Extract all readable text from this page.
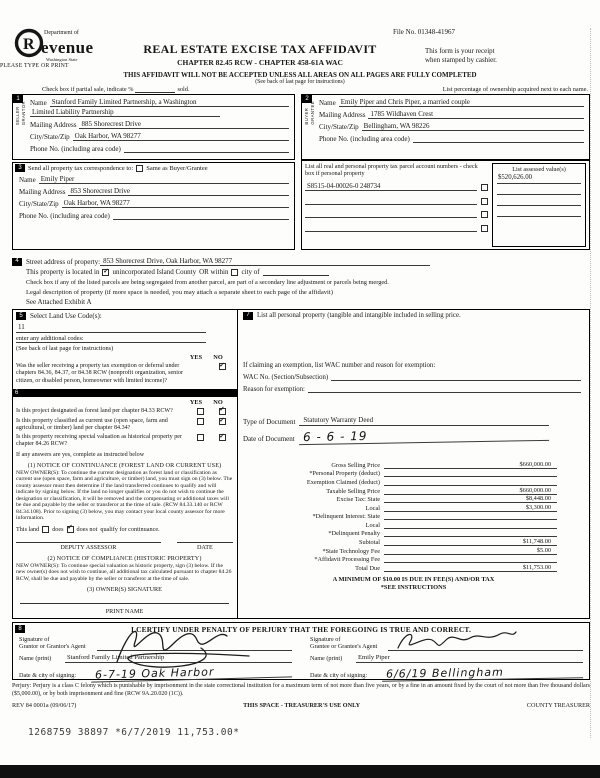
File No. 01348-41967
Department of
R evenue
Washington State
REAL ESTATE EXCISE TAX AFFIDAVIT
CHAPTER 82.45 RCW - CHAPTER 458-61A WAC
This form is your receipt
when stamped by cashier.
PLEASE TYPE OR PRINT
THIS AFFIDAVIT WILL NOT BE ACCEPTED UNLESS ALL AREAS ON ALL PAGES ARE FULLY COMPLETED
(See back of last page for instructions)
Check box if partial sale, indicate %	sold.	List percentage of ownership acquired next to each name.
1
SELLER GRANTOR Name Stanford Family Limited Partnership, a Washington
Limited Liability Partnership
Mailing Address 885 Shorecrest Drive
City/State/Zip Oak Harbor, WA 98277
Phone No. (including area code)
2
BUYER GRANTEE Name Emily Piper and Chris Piper, a married couple
Mailing Address 1785 Wildhaven Crest
City/State/Zip Bellingham, WA 98226
Phone No. (including area code)
3 Send all property tax correspondence to: Same as Buyer/Grantee
Name Emily Piper
Mailing Address 853 Shorecrest Drive
City/State/Zip Oak Harbor, WA 98277
Phone No. (including area code)
List all real and personal property tax parcel account numbers - check box if personal property
S8515-04-00026-0 248734
List assessed value(s)
$520,626.00
4	Street address of property: 853 Shorecrest Drive, Oak Harbor, WA 98277
This property is located in ✓ unincorporated Island County OR within city of
Check box if any of the listed parcels are being segregated from another parcel, are part of a secondary line adjustment or parcels being merged.
Legal description of property (if more space is needed, you may attach a separate sheet to each page of the affidavit)
See Attached Exhibit A
5	Select Land Use Code(s):
11
enter any additional codes:
(See back of last page for instructions)
YES	NO
Was the seller receiving a property tax exemption or deferral under chapters 84.36, 84.37, or 84.38 RCW (nonprofit organization, senior citizen, or disabled person, homeowner with limited income)?
✓
6
YES	NO
Is this project designated as forest land per chapter 84.33 RCW?	✓
Is this property classified as current use (open space, farm and agricultural, or timber) land per chapter 84.34?
✓
Is this property receiving special valuation as historical property per chapter 84.26 RCW?
✓
If any answers are yes, complete as instructed below
(1) NOTICE OF CONTINUANCE (FOREST LAND OR CURRENT USE)
NEW OWNER(S): To continue the current designation as forest land or classification as current use (open space, farm and agriculture, or timber) land, you must sign on (3) below. The county assessor must then determine if the land transferred continues to qualify and will indicate by signing below. If the land no longer qualifies or you do not wish to continue the designation or classification, it will be removed and the compensating or additional taxes will be due and payable by the seller or transferor at the time of sale. (RCW 84.33.140 or RCW 84.34.108). Prior to signing (3) below, you may contact your local county assessor for more information.
This land does ✓ does not qualify for continuance.
DEPUTY ASSESSOR	DATE
(2) NOTICE OF COMPLIANCE (HISTORIC PROPERTY)
NEW OWNER(S): To continue special valuation as historic property, sign (3) below. If the new owner(s) does not wish to continue, all additional tax calculated pursuant to chapter 84.26 RCW, shall be due and payable by the seller or transferor at the time of sale.
(3) OWNER(S) SIGNATURE
PRINT NAME
7	List all personal property (tangible and intangible included in selling price.
If claiming an exemption, list WAC number and reason for exemption:
WAC No. (Section/Subsection)
Reason for exemption:
Type of Document	Statutory Warranty Deed
Date of Document 6 - 6 - 19
Gross Selling Price	$660,000.00
*Personal Property (deduct)
Exemption Claimed (deduct)
Taxable Selling Price	$660,000.00
Excise Tax: State	$8,448.00
Local	$3,300.00
*Delinquent Interest: State
Local
*Delinquent Penalty
Subtotal	$11,748.00
*State Technology Fee	$5.00
*Affidavit Processing Fee
Total Due	$11,753.00
A MINIMUM OF $10.00 IS DUE IN FEE(S) AND/OR TAX
*SEE INSTRUCTIONS
8	I CERTIFY UNDER PENALTY OF PERJURY THAT THE FOREGOING IS TRUE AND CORRECT.
Signature of
Grantor or Grantor's Agent
Name (print)	Stanford Family Limited Partnership
Date & city of signing:	6-7-19 Oak Harbor
Signature of
Grantee or Grantee's Agent
Name (print)	Emily Piper
Date & city of signing:	6/6/19 Bellingham
Perjury: Perjury is a class C felony which is punishable by imprisonment in the state correctional institution for a maximum term of not more than five years, or by a fine in an amount fixed by the court of not more than five thousand dollars ($5,000.00), or by both imprisonment and fine (RCW 9A.20.020 (1C)).
REV 84 0001a (09/06/17)	THIS SPACE - TREASURER'S USE ONLY	COUNTY TREASURER
1268759 38897 *6/7/2019 11,753.00*
